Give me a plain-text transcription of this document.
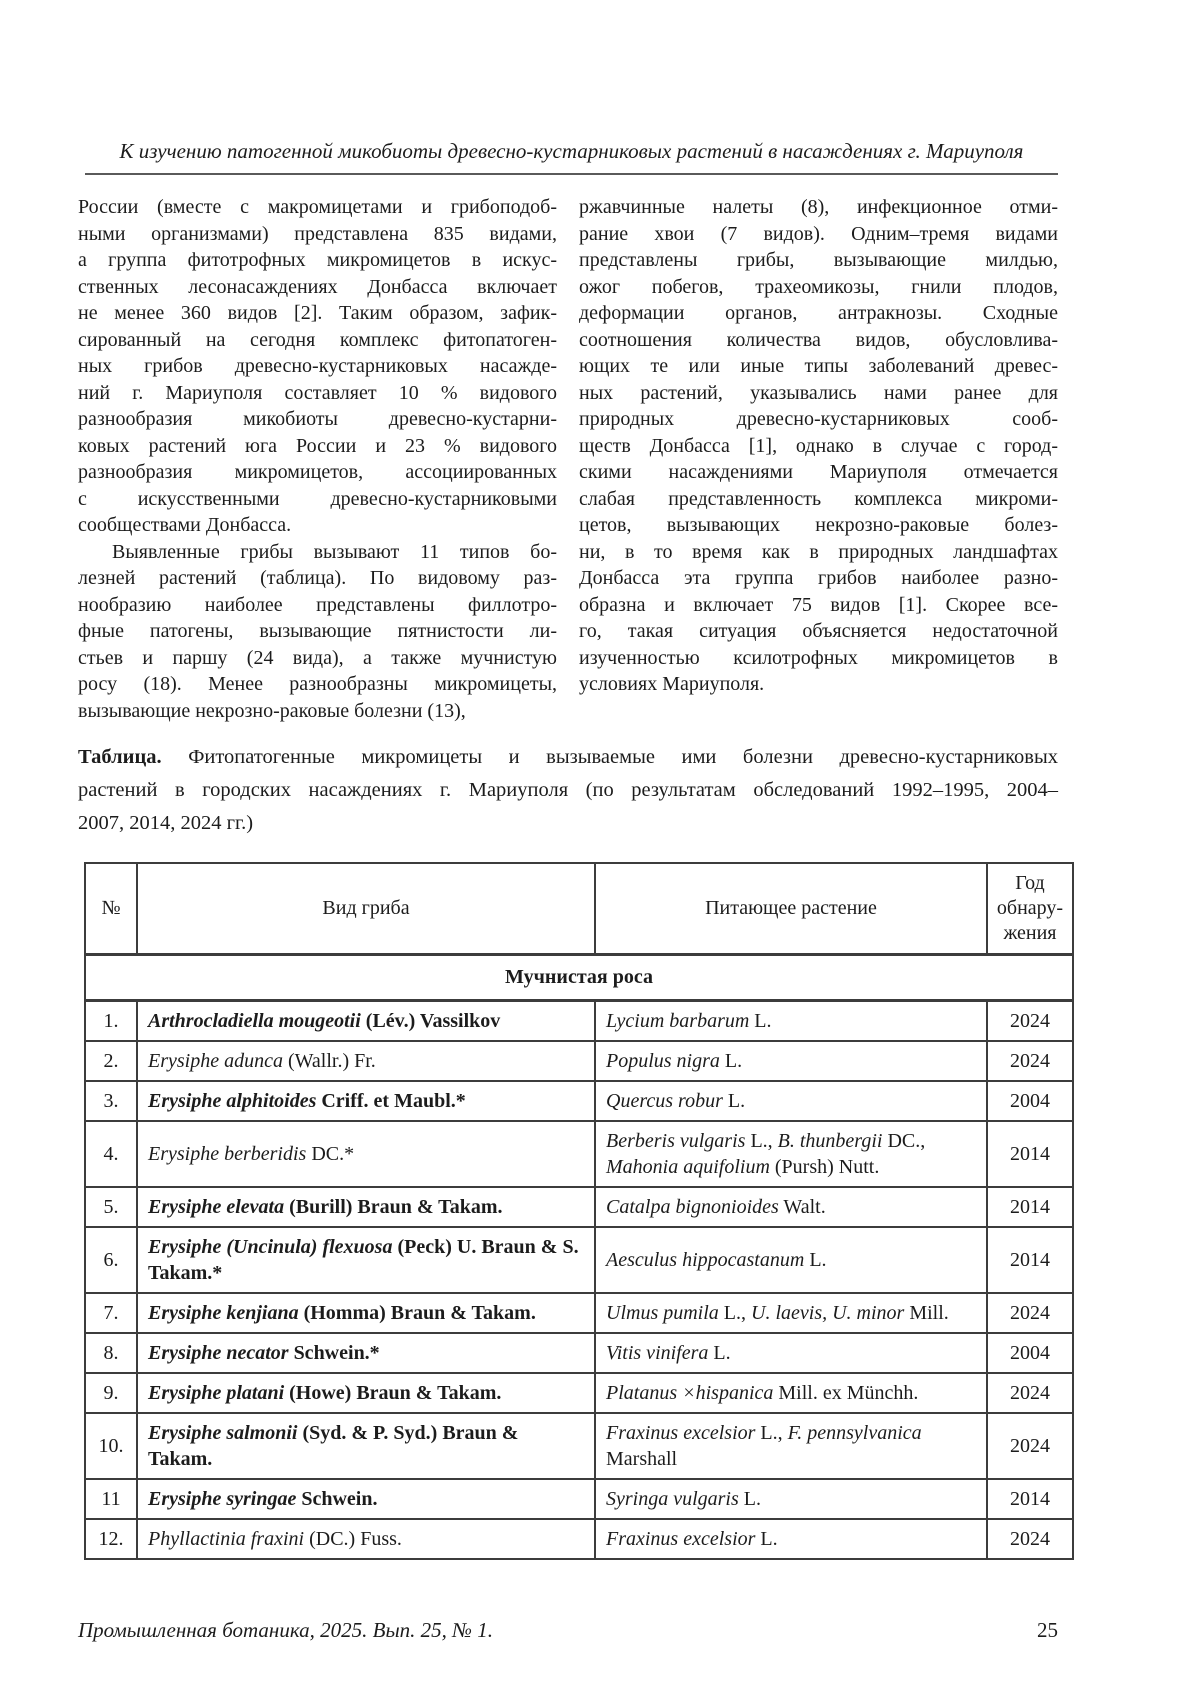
К изучению патогенной микобиоты древесно-кустарниковых растений в насаждениях г. Мариуполя
России (вместе с макромицетами и грибоподоб-
ными организмами) представлена 835 видами,
а группа фитотрофных микромицетов в искус-
ственных лесонасаждениях Донбасса включает
не менее 360 видов [2]. Таким образом, зафик-
сированный на сегодня комплекс фитопатоген-
ных грибов древесно-кустарниковых насажде-
ний г. Мариуполя составляет 10 % видового
разнообразия микобиоты древесно-кустарни-
ковых растений юга России и 23 % видового
разнообразия микромицетов, ассоциированных
с искусственными древесно-кустарниковыми
сообществами Донбасса.
Выявленные грибы вызывают 11 типов бо-
лезней растений (таблица). По видовому раз-
нообразию наиболее представлены филлотро-
фные патогены, вызывающие пятнистости ли-
стьев и паршу (24 вида), а также мучнистую
росу (18). Менее разнообразны микромицеты,
вызывающие некрозно-раковые болезни (13),
ржавчинные налеты (8), инфекционное отми-
рание хвои (7 видов). Одним–тремя видами
представлены грибы, вызывающие милдью,
ожог побегов, трахеомикозы, гнили плодов,
деформации органов, антракнозы. Сходные
соотношения количества видов, обусловлива-
ющих те или иные типы заболеваний древес-
ных растений, указывались нами ранее для
природных древесно-кустарниковых сооб-
ществ Донбасса [1], однако в случае с город-
скими насаждениями Мариуполя отмечается
слабая представленность комплекса микроми-
цетов, вызывающих некрозно-раковые болез-
ни, в то время как в природных ландшафтах
Донбасса эта группа грибов наиболее разно-
образна и включает 75 видов [1]. Скорее все-
го, такая ситуация объясняется недостаточной
изученностью ксилотрофных микромицетов в
условиях Мариуполя.
Таблица. Фитопатогенные микромицеты и вызываемые ими болезни древесно-кустарниковых
растений в городских насаждениях г. Мариуполя (по результатам обследований 1992–1995, 2004–
2007, 2014, 2024 гг.)
№	Вид гриба	Питающее растение	Год обнару- жения
Мучнистая роса			
1.	Arthrocladiella mougeotii (Lév.) Vassilkov	Lycium barbarum L.	2024
2.	Erysiphe adunca (Wallr.) Fr.	Populus nigra L.	2024
3.	Erysiphe alphitoides Criff. et Maubl.*	Quercus robur L.	2004
4.	Erysiphe berberidis DC.*	Berberis vulgaris L., B. thunbergii DC., Mahonia aquifolium (Pursh) Nutt.	2014
5.	Erysiphe elevata (Burill) Braun & Takam.	Catalpa bignonioides Walt.	2014
6.	Erysiphe (Uncinula) flexuosa (Peck) U. Braun & S. Takam.*	Aesculus hippocastanum L.	2014
7.	Erysiphe kenjiana (Homma) Braun & Takam.	Ulmus pumila L., U. laevis, U. minor Mill.	2024
8.	Erysiphe necator Schwein.*	Vitis vinifera L.	2004
9.	Erysiphe platani (Howe) Braun & Takam.	Platanus ×hispanica Mill. ex Münchh.	2024
10.	Erysiphe salmonii (Syd. & P. Syd.) Braun & Takam.	Fraxinus excelsior L., F. pennsylvanica Marshall	2024
11	Erysiphe syringae Schwein.	Syringa vulgaris L.	2014
12.	Phyllactinia fraxini (DC.) Fuss.	Fraxinus excelsior L.	2024
Промышленная ботаника, 2025. Вып. 25, № 1.	25
